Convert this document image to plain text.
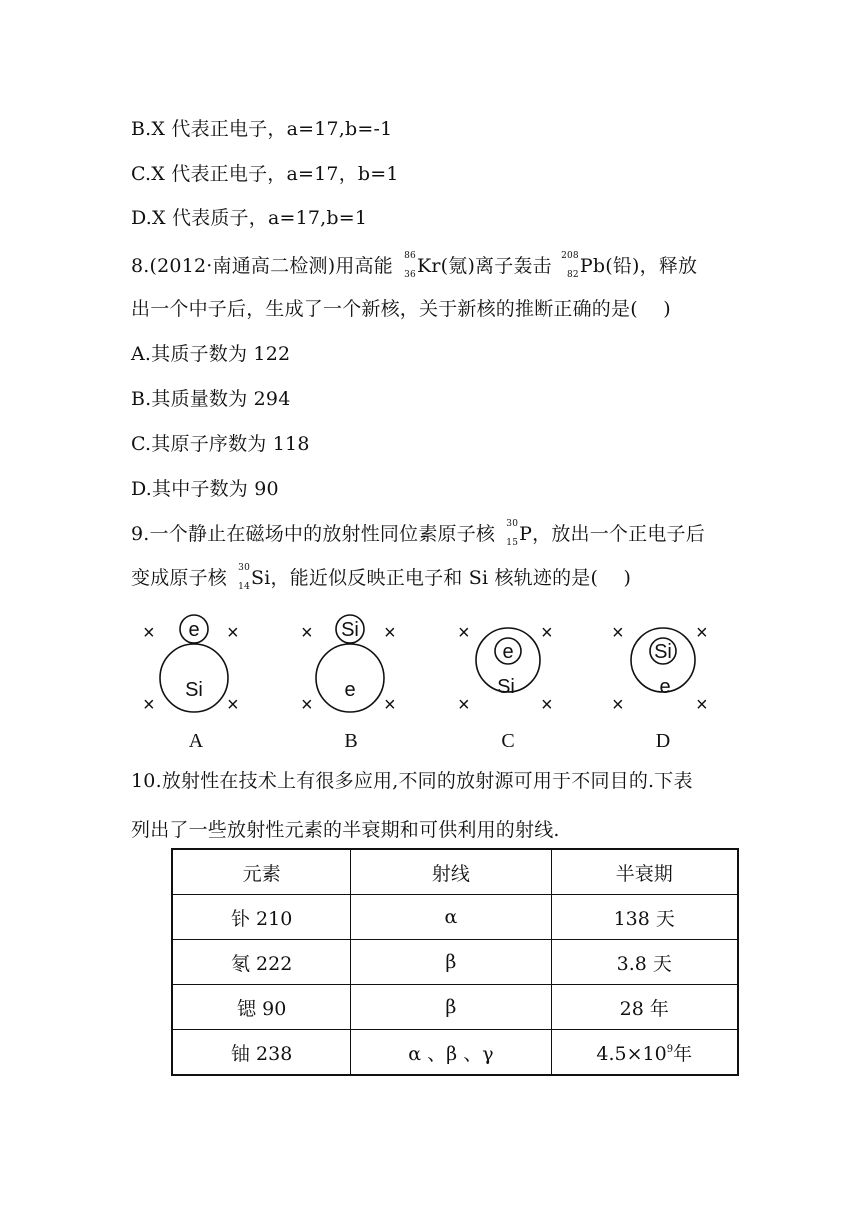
B.X 代表正电子，a=17,b=-1
C.X 代表正电子，a=17，b=1
D.X 代表质子，a=17,b=1
8.(2012·南通高二检测)用高能 86
36 Kr(氪)离子轰击 208
82 Pb(铅)，释放
出一个中子后，生成了一个新核，关于新核的推断正确的是(　 )
A.其质子数为 122
B.其质量数为 294
C.其原子序数为 118
D.其中子数为 90
9.一个静止在磁场中的放射性同位素原子核 30
15 P，放出一个正电子后
变成原子核 30
14 Si，能近似反映正电子和 Si 核轨迹的是(　 )
×	×
×	×
e
Si
A
×	×
×	×
Si
e
B
×	×
×	×
e
Si
C
×	×
×	×
Si
e
D
10.放射性在技术上有很多应用,不同的放射源可用于不同目的.下表
列出了一些放射性元素的半衰期和可供利用的射线.
元素	射线	半衰期
钋 210	α	138 天
氡 222	β	3.8 天
锶 90	β	28 年
铀 238	α 、β 、γ	$4.5\times 10^9$年
